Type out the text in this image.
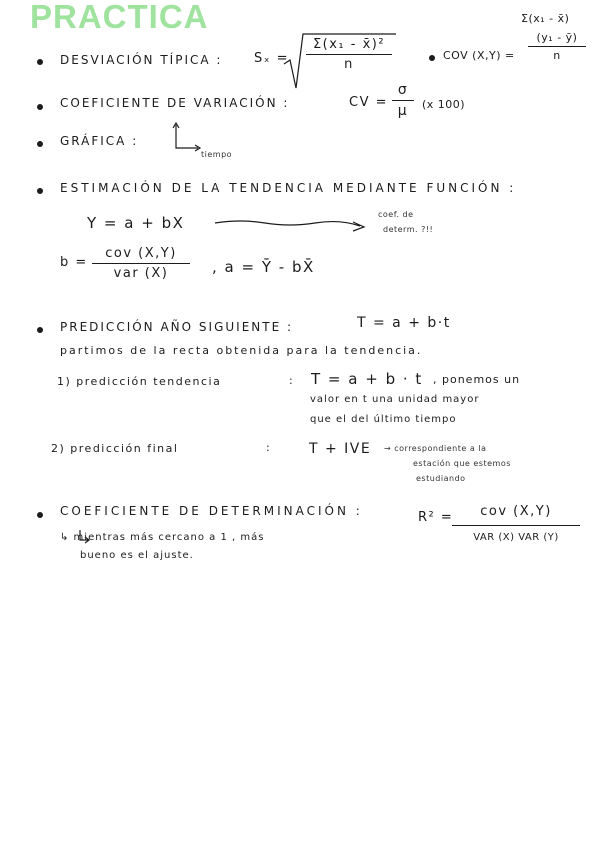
PRACTICA
DESVIACIÓN TÍPICA : Sₓ =
Σ(x₁ - x̄)²
n
COV (X,Y) =
Σ(x₁ - x̄)
(y₁ - ȳ)
n
COEFICIENTE DE VARIACIÓN :	CV =
σ
μ	(x 100)
GRÁFICA :
tiempo
ESTIMACIÓN DE LA TENDENCIA MEDIANTE FUNCIÓN :
Y = a + bX	coef. de
determ. ?!!
b =
cov (X,Y)
var (X)	, a = Ȳ - bX̄
PREDICCIÓN AÑO SIGUIENTE :	T = a + b·t
partimos de la recta obtenida para la tendencia.
1) predicción tendencia	: T = a + b · t , ponemos un
valor en t una unidad mayor
que el del último tiempo
2) predicción final	:	T + IVE → correspondiente a la
estación que estemos
estudiando
COEFICIENTE DE DETERMINACIÓN :	R² =	cov (X,Y)
VAR (X) VAR (Y)
↳ mientras más cercano a 1 , más
bueno es el ajuste.
